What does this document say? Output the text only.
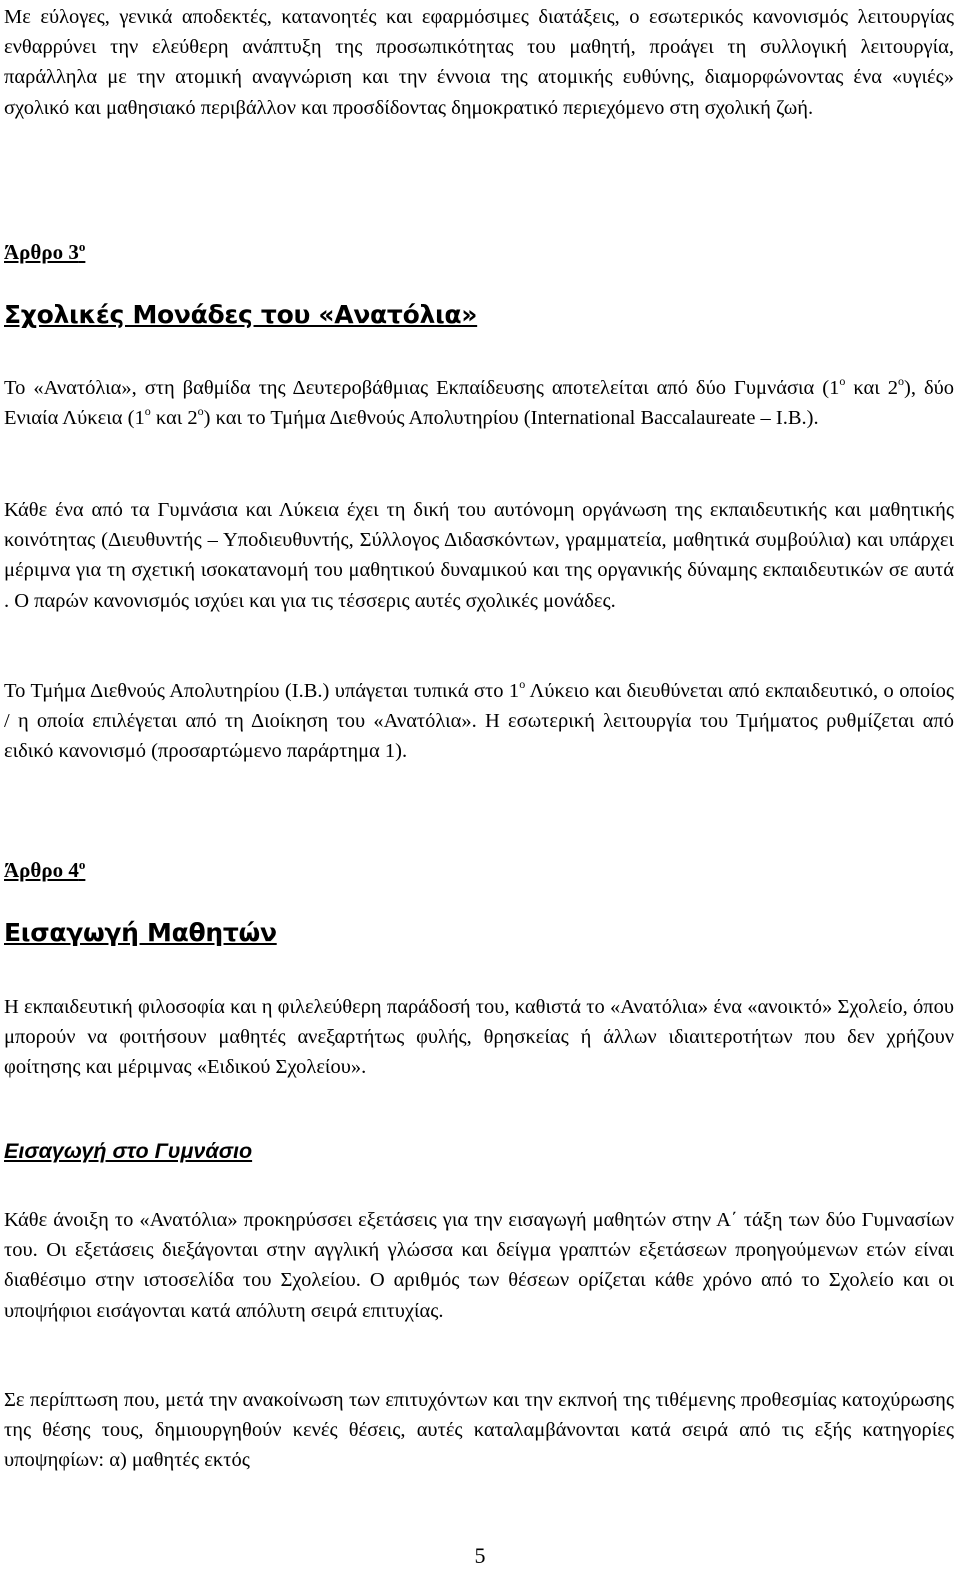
Με εύλογες, γενικά αποδεκτές, κατανοητές και εφαρμόσιμες διατάξεις, ο εσωτερικός κανονισμός λειτουργίας ενθαρρύνει την ελεύθερη ανάπτυξη της προσωπικότητας του μαθητή, προάγει τη συλλογική λειτουργία, παράλληλα με την ατομική αναγνώριση και την έννοια της ατομικής ευθύνης, διαμορφώνοντας ένα «υγιές» σχολικό και μαθησιακό περιβάλλον και προσδίδοντας δημοκρατικό περιεχόμενο στη σχολική ζωή.

Άρθρο $3^o$

Σχολικές Μονάδες του «Ανατόλια»

Το «Ανατόλια», στη βαθμίδα της Δευτεροβάθμιας Εκπαίδευσης αποτελείται από δύο Γυμνάσια ($1^o$ και $2^o$), δύο Ενιαία Λύκεια ($1^o$ και $2^o$) και το Τμήμα Διεθνούς Απολυτηρίου (International Baccalaureate – I.B.).

Κάθε ένα από τα Γυμνάσια και Λύκεια έχει τη δική του αυτόνομη οργάνωση της εκπαιδευτικής και μαθητικής κοινότητας (Διευθυντής – Υποδιευθυντής, Σύλλογος Διδασκόντων, γραμματεία, μαθητικά συμβούλια) και υπάρχει μέριμνα για τη σχετική ισοκατανομή του μαθητικού δυναμικού και της οργανικής δύναμης εκπαιδευτικών σε αυτά . Ο παρών κανονισμός ισχύει και για τις τέσσερις αυτές σχολικές μονάδες.

Το Τμήμα Διεθνούς Απολυτηρίου (Ι.Β.) υπάγεται τυπικά στο $1^o$ Λύκειο και διευθύνεται από εκπαιδευτικό, ο οποίος / η οποία επιλέγεται από τη Διοίκηση του «Ανατόλια». Η εσωτερική λειτουργία του Τμήματος ρυθμίζεται από ειδικό κανονισμό (προσαρτώμενο παράρτημα 1).

Άρθρο $4^o$

Εισαγωγή Μαθητών

Η εκπαιδευτική φιλοσοφία και η φιλελεύθερη παράδοσή του, καθιστά το «Ανατόλια» ένα «ανοικτό» Σχολείο, όπου μπορούν να φοιτήσουν μαθητές ανεξαρτήτως φυλής, θρησκείας ή άλλων ιδιαιτεροτήτων που δεν χρήζουν φοίτησης και μέριμνας «Ειδικού Σχολείου».

Εισαγωγή στο Γυμνάσιο

Κάθε άνοιξη το «Ανατόλια» προκηρύσσει εξετάσεις για την εισαγωγή μαθητών στην Α΄ τάξη των δύο Γυμνασίων του. Οι εξετάσεις διεξάγονται στην αγγλική γλώσσα και δείγμα γραπτών εξετάσεων προηγούμενων ετών είναι διαθέσιμο στην ιστοσελίδα του Σχολείου. Ο αριθμός των θέσεων ορίζεται κάθε χρόνο από το Σχολείο και οι υποψήφιοι εισάγονται κατά απόλυτη σειρά επιτυχίας.

Σε περίπτωση που, μετά την ανακοίνωση των επιτυχόντων και την εκπνοή της τιθέμενης προθεσμίας κατοχύρωσης της θέσης τους, δημιουργηθούν κενές θέσεις, αυτές καταλαμβάνονται κατά σειρά από τις εξής κατηγορίες υποψηφίων: α) μαθητές εκτός

5
